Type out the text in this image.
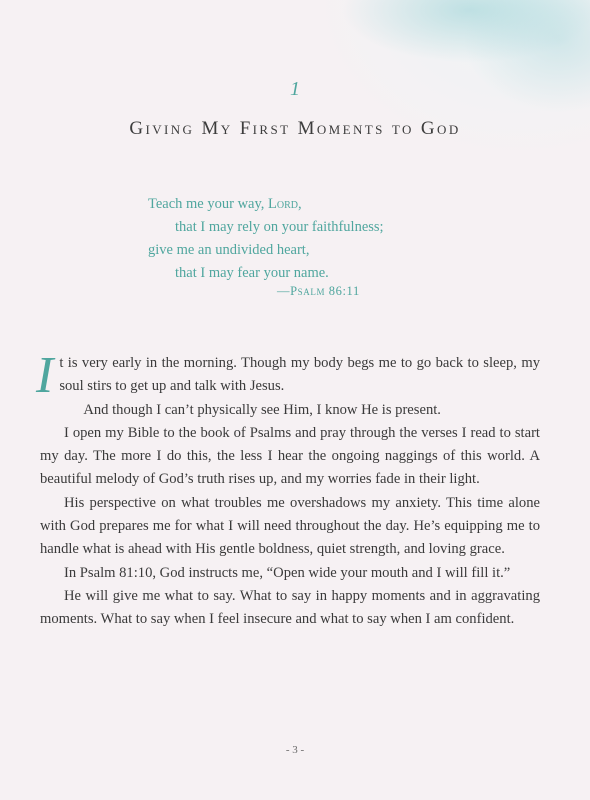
1
Giving My First Moments to God
Teach me your way, Lord,
that I may rely on your faithfulness;
give me an undivided heart,
that I may fear your name.
—Psalm 86:11

It is very early in the morning. Though my body begs me to go back to sleep, my soul stirs to get up and talk with Jesus.

And though I can’t physically see Him, I know He is present.

I open my Bible to the book of Psalms and pray through the verses I read to start my day. The more I do this, the less I hear the ongoing naggings of this world. A beautiful melody of God’s truth rises up, and my worries fade in their light.

His perspective on what troubles me overshadows my anxiety. This time alone with God prepares me for what I will need throughout the day. He’s equipping me to handle what is ahead with His gentle boldness, quiet strength, and loving grace.

In Psalm 81:10, God instructs me, “Open wide your mouth and I will fill it.”

He will give me what to say. What to say in happy moments and in aggravating moments. What to say when I feel insecure and what to say when I am confident.

- 3 -
